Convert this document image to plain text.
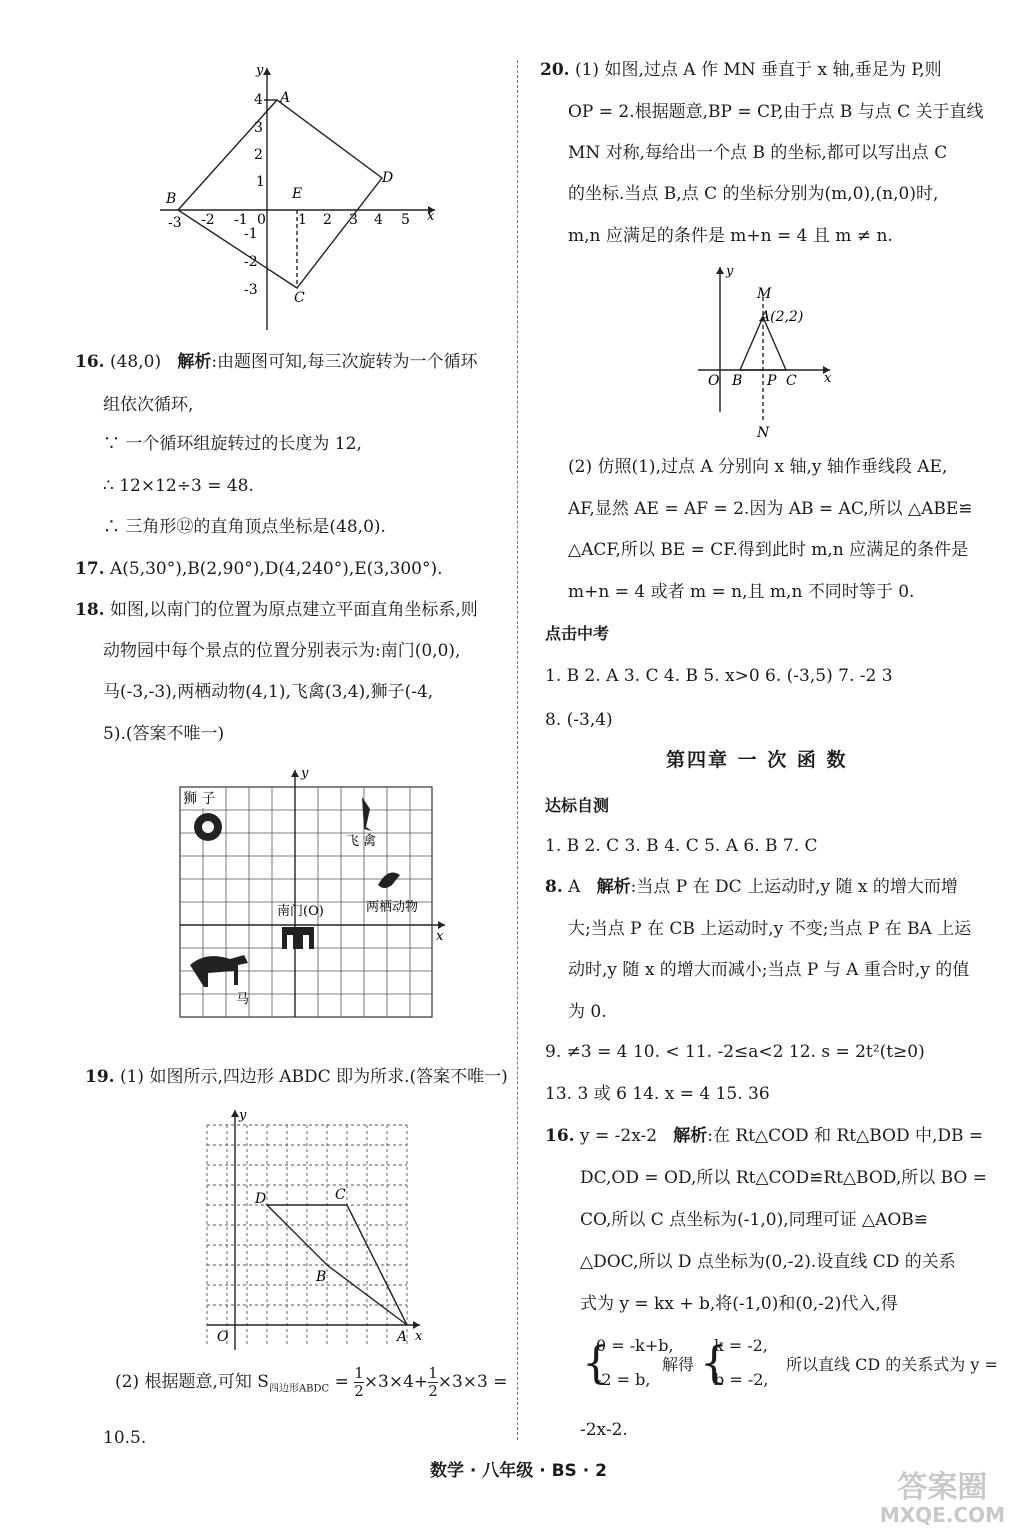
x
y
0
-3 -2 -1	1 2 3 4 5
4
3
2
1
-1
-2
-3
A
B
C
D
E
16. (48,0) 解析:由题图可知,每三次旋转为一个循环
组依次循环,
∵ 一个循环组旋转过的长度为 12,
∴ 12×12÷3 = 48.
∴ 三角形⑫的直角顶点坐标是(48,0).
17. A(5,30°),B(2,90°),D(4,240°),E(3,300°).
18. 如图,以南门的位置为原点建立平面直角坐标系,则
动物园中每个景点的位置分别表示为:南门(0,0),
马(-3,-3),两栖动物(4,1),飞禽(3,4),狮子(-4,
5).(答案不唯一)
x
y
狮 子
飞 禽
两栖动物
南门(O)
马
19. (1) 如图所示,四边形 ABDC 即为所求.(答案不唯一)
x
y
O	A
B
C
D
(2) 根据题意,可知 $S_{四边形ABDC} = \frac{1}{2} \times 3\times 4+ \frac{1}{2} \times 3\times 3$ =
10.5.
20. (1) 如图,过点 A 作 MN 垂直于 x 轴,垂足为 P,则
OP = 2.根据题意,BP = CP,由于点 B 与点 C 关于直线
MN 对称,每给出一个点 B 的坐标,都可以写出点 C
的坐标.当点 B,点 C 的坐标分别为(m,0),(n,0)时,
m,n 应满足的条件是 m+n = 4 且 m ≠ n.
x
y
O
M
N
A(2,2)
B P C
(2) 仿照(1),过点 A 分别向 x 轴,y 轴作垂线段 AE,
AF,显然 AE = AF = 2.因为 AB = AC,所以 △ABE≌
△ACF,所以 BE = CF.得到此时 m,n 应满足的条件是
m+n = 4 或者 m = n,且 m,n 不同时等于 0.
点击中考
1. B 2. A 3. C 4. B 5. x>0 6. (-3,5) 7. -2 3
8. (-3,4)
第四章 一 次 函 数
达标自测
1. B 2. C 3. B 4. C 5. A 6. B 7. C
8. A 解析:当点 P 在 DC 上运动时,y 随 x 的增大而增
大;当点 P 在 CB 上运动时,y 不变;当点 P 在 BA 上运
动时,y 随 x 的增大而减小;当点 P 与 A 重合时,y 的值
为 0.
9. ≠3 = 4 10. < 11. -2≤a<2 12. s = 2t²(t≥0)
13. 3 或 6 14. x = 4 15. 36
16. y = -2x-2 解析:在 Rt△COD 和 Rt△BOD 中,DB =
DC,OD = OD,所以 Rt△COD≌Rt△BOD,所以 BO =
CO,所以 C 点坐标为(-1,0),同理可证 △AOB≌
△DOC,所以 D 点坐标为(0,-2).设直线 CD 的关系
式为 y = kx + b,将(-1,0)和(0,-2)代入,得
{
0 = -k+b,
-2 = b,
解得 {
k = -2,
b = -2,
所以直线 CD 的关系式为 y =
-2x-2.
数学 · 八年级 · BS · 2	答案圈
MXQE.COM
